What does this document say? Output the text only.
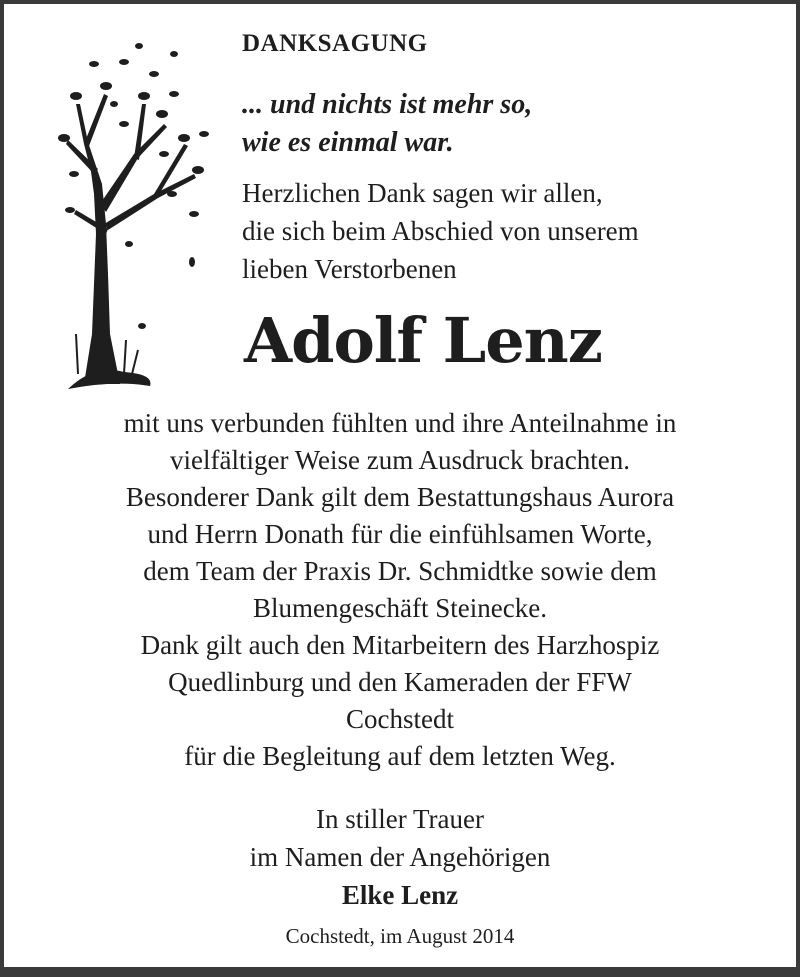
DANKSAGUNG
... und nichts ist mehr so,
wie es einmal war.
Herzlichen Dank sagen wir allen,
die sich beim Abschied von unserem
lieben Verstorbenen
Adolf Lenz
mit uns verbunden fühlten und ihre Anteilnahme in
vielfältiger Weise zum Ausdruck brachten.
Besonderer Dank gilt dem Bestattungshaus Aurora
und Herrn Donath für die einfühlsamen Worte,
dem Team der Praxis Dr. Schmidtke sowie dem
Blumengeschäft Steinecke.
Dank gilt auch den Mitarbeitern des Harzhospiz
Quedlinburg und den Kameraden der FFW
Cochstedt
für die Begleitung auf dem letzten Weg.
In stiller Trauer
im Namen der Angehörigen
Elke Lenz
Cochstedt, im August 2014
